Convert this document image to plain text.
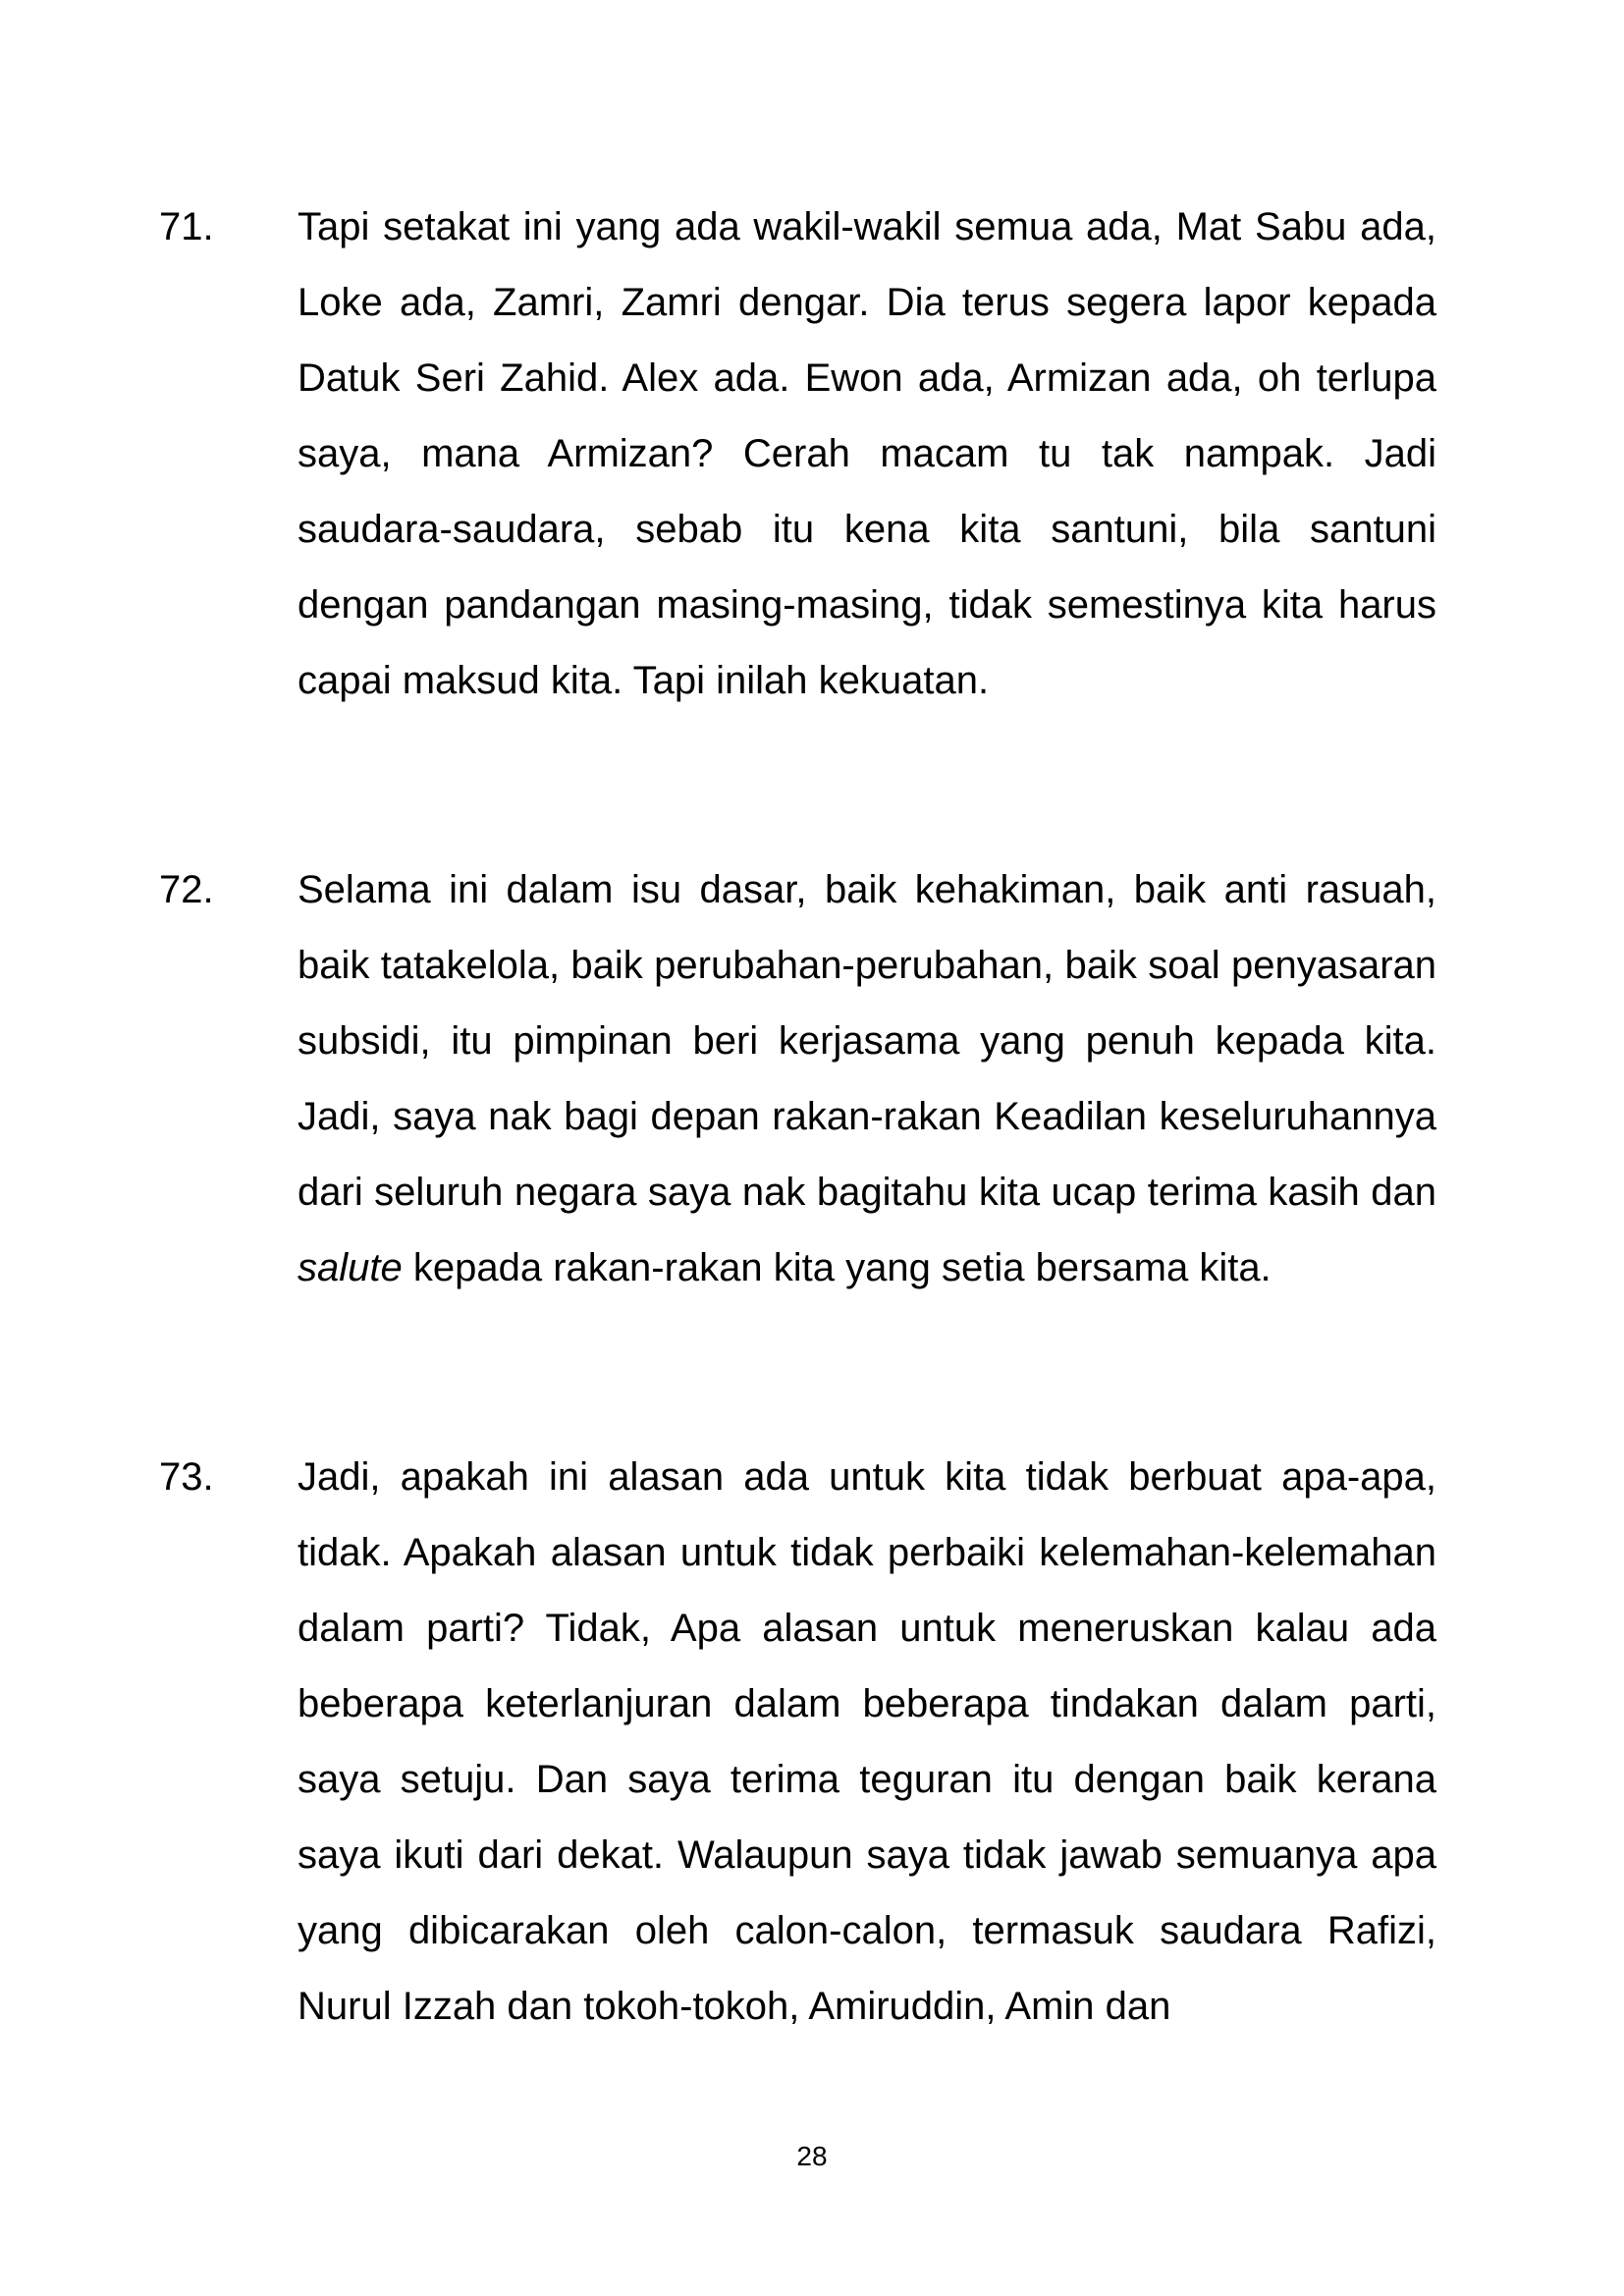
71.	Tapi setakat ini yang ada wakil-wakil semua ada, Mat Sabu ada, Loke ada, Zamri, Zamri dengar. Dia terus segera lapor kepada Datuk Seri Zahid. Alex ada. Ewon ada, Armizan ada, oh terlupa saya, mana Armizan? Cerah macam tu tak nampak. Jadi saudara-saudara, sebab itu kena kita santuni, bila santuni dengan pandangan masing-masing, tidak semestinya kita harus capai maksud kita. Tapi inilah kekuatan.
72.	Selama ini dalam isu dasar, baik kehakiman, baik anti rasuah, baik tatakelola, baik perubahan-perubahan, baik soal penyasaran subsidi, itu pimpinan beri kerjasama yang penuh kepada kita. Jadi, saya nak bagi depan rakan-rakan Keadilan keseluruhannya dari seluruh negara saya nak bagitahu kita ucap terima kasih dan salute kepada rakan-rakan kita yang setia bersama kita.
73.	Jadi, apakah ini alasan ada untuk kita tidak berbuat apa-apa, tidak. Apakah alasan untuk tidak perbaiki kelemahan-kelemahan dalam parti? Tidak, Apa alasan untuk meneruskan kalau ada beberapa keterlanjuran dalam beberapa tindakan dalam parti, saya setuju. Dan saya terima teguran itu dengan baik kerana saya ikuti dari dekat. Walaupun saya tidak jawab semuanya apa yang dibicarakan oleh calon-calon, termasuk saudara Rafizi, Nurul Izzah dan tokoh-tokoh, Amiruddin, Amin dan
28
